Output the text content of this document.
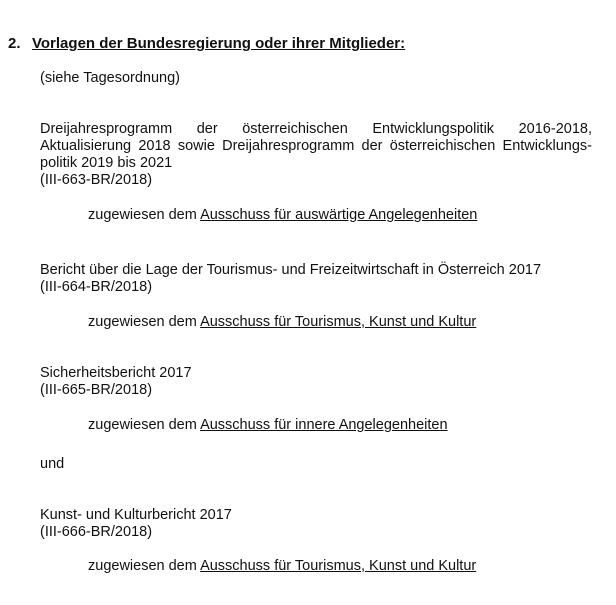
2. Vorlagen der Bundesregierung oder ihrer Mitglieder:
(siehe Tagesordnung)
Dreijahresprogramm der österreichischen Entwicklungspolitik 2016-2018,
Aktualisierung 2018 sowie Dreijahresprogramm der österreichischen Entwicklungs-
politik 2019 bis 2021
(III-663-BR/2018)
zugewiesen dem Ausschuss für auswärtige Angelegenheiten
Bericht über die Lage der Tourismus- und Freizeitwirtschaft in Österreich 2017
(III-664-BR/2018)
zugewiesen dem Ausschuss für Tourismus, Kunst und Kultur
Sicherheitsbericht 2017
(III-665-BR/2018)
zugewiesen dem Ausschuss für innere Angelegenheiten
und
Kunst- und Kulturbericht 2017
(III-666-BR/2018)
zugewiesen dem Ausschuss für Tourismus, Kunst und Kultur
